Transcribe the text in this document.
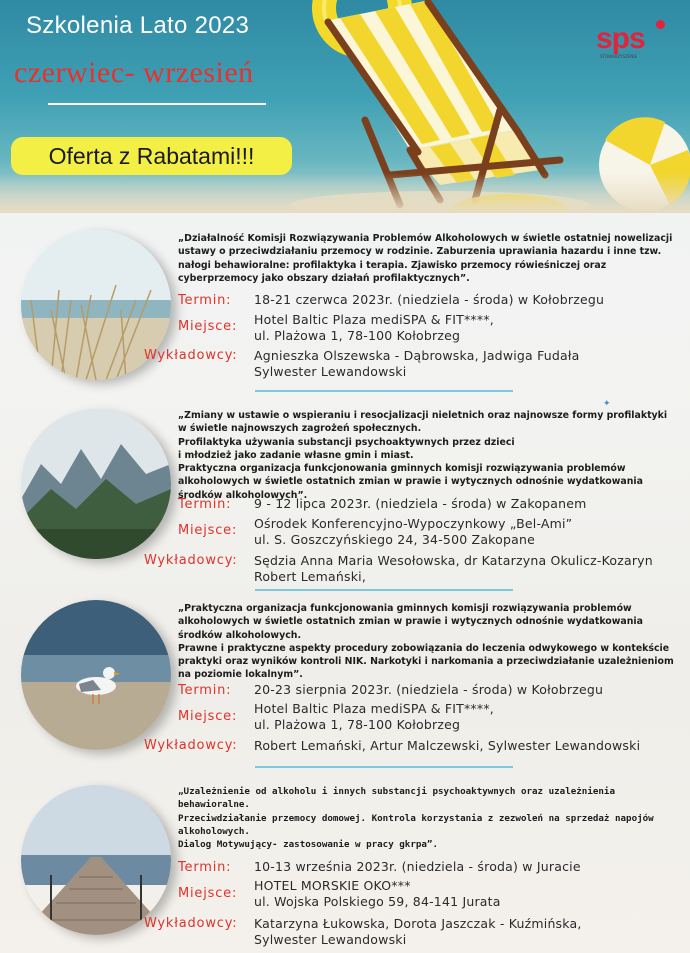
Szkolenia Lato 2023
czerwiec- wrzesień
Oferta z Rabatami!!!
sps
STOWARZYSZENIE

„Działalność Komisji Rozwiązywania Problemów Alkoholowych w świetle ostatniej nowelizacji ustawy o przeciwdziałaniu przemocy w rodzinie. Zaburzenia uprawiania hazardu i inne tzw. nałogi behawioralne: profilaktyka i terapia. Zjawisko przemocy rówieśniczej oraz cyberprzemocy jako obszary działań profilaktycznych”.

Termin: 18-21 czerwca 2023r. (niedziela - środa) w Kołobrzegu
Miejsce: Hotel Baltic Plaza mediSPA & FIT****,
ul. Plażowa 1, 78-100 Kołobrzeg
Wykładowcy: Agnieszka Olszewska - Dąbrowska, Jadwiga Fudała
Sylwester Lewandowski

„Zmiany w ustawie o wspieraniu i resocjalizacji nieletnich oraz najnowsze formy profilaktyki w świetle najnowszych zagrożeń społecznych.
Profilaktyka używania substancji psychoaktywnych przez dzieci
i młodzież jako zadanie własne gmin i miast.
Praktyczna organizacja funkcjonowania gminnych komisji rozwiązywania problemów alkoholowych w świetle ostatnich zmian w prawie i wytycznych odnośnie wydatkowania środków alkoholowych”.

Termin: 9 - 12 lipca 2023r. (niedziela - środa) w Zakopanem
Miejsce: Ośrodek Konferencyjno-Wypoczynkowy „Bel-Ami”
ul. S. Goszczyńskiego 24, 34-500 Zakopane
Wykładowcy: Sędzia Anna Maria Wesołowska, dr Katarzyna Okulicz-Kozaryn
Robert Lemański,

„Praktyczna organizacja funkcjonowania gminnych komisji rozwiązywania problemów alkoholowych w świetle ostatnich zmian w prawie i wytycznych odnośnie wydatkowania środków alkoholowych.
Prawne i praktyczne aspekty procedury zobowiązania do leczenia odwykowego w kontekście praktyki oraz wyników kontroli NIK. Narkotyki i narkomania a przeciwdziałanie uzależnieniom na poziomie lokalnym”.

Termin: 20-23 sierpnia 2023r. (niedziela - środa) w Kołobrzegu
Miejsce:
Hotel Baltic Plaza mediSPA & FIT****,
ul. Plażowa 1, 78-100 Kołobrzeg
Wykładowcy: Robert Lemański, Artur Malczewski, Sylwester Lewandowski

„Uzależnienie od alkoholu i innych substancji psychoaktywnych oraz uzależnienia behawioralne.
Przeciwdziałanie przemocy domowej. Kontrola korzystania z zezwoleń na sprzedaż napojów alkoholowych.
Dialog Motywujący- zastosowanie w pracy gkrpa”.

Termin: 10-13 września 2023r. (niedziela - środa) w Juracie
Miejsce:
HOTEL MORSKIE OKO***
ul. Wojska Polskiego 59, 84-141 Jurata
Wykładowcy: Katarzyna Łukowska, Dorota Jaszczak - Kuźmińska,
Sylwester Lewandowski
✦
